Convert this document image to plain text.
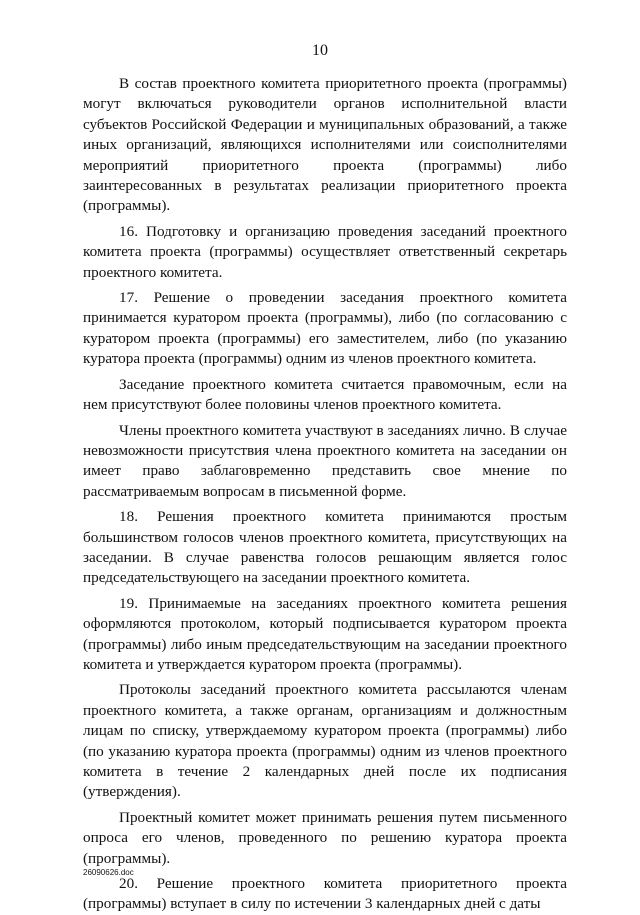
10

В состав проектного комитета приоритетного проекта (программы) могут включаться руководители органов исполнительной власти субъектов Российской Федерации и муниципальных образований, а также иных организаций, являющихся исполнителями или соисполнителями мероприятий приоритетного проекта (программы) либо заинтересованных в результатах реализации приоритетного проекта (программы).

16. Подготовку и организацию проведения заседаний проектного комитета проекта (программы) осуществляет ответственный секретарь проектного комитета.

17. Решение о проведении заседания проектного комитета принимается куратором проекта (программы), либо (по согласованию с куратором проекта (программы) его заместителем, либо (по указанию куратора проекта (программы) одним из членов проектного комитета.

Заседание проектного комитета считается правомочным, если на нем присутствуют более половины членов проектного комитета.

Члены проектного комитета участвуют в заседаниях лично. В случае невозможности присутствия члена проектного комитета на заседании он имеет право заблаговременно представить свое мнение по рассматриваемым вопросам в письменной форме.

18. Решения проектного комитета принимаются простым большинством голосов членов проектного комитета, присутствующих на заседании. В случае равенства голосов решающим является голос председательствующего на заседании проектного комитета.

19. Принимаемые на заседаниях проектного комитета решения оформляются протоколом, который подписывается куратором проекта (программы) либо иным председательствующим на заседании проектного комитета и утверждается куратором проекта (программы).

Протоколы заседаний проектного комитета рассылаются членам проектного комитета, а также органам, организациям и должностным лицам по списку, утверждаемому куратором проекта (программы) либо (по указанию куратора проекта (программы) одним из членов проектного комитета в течение 2 календарных дней после их подписания (утверждения).

Проектный комитет может принимать решения путем письменного опроса его членов, проведенного по решению куратора проекта (программы).

20. Решение проектного комитета приоритетного проекта (программы) вступает в силу по истечении 3 календарных дней с даты

26090626.doc
